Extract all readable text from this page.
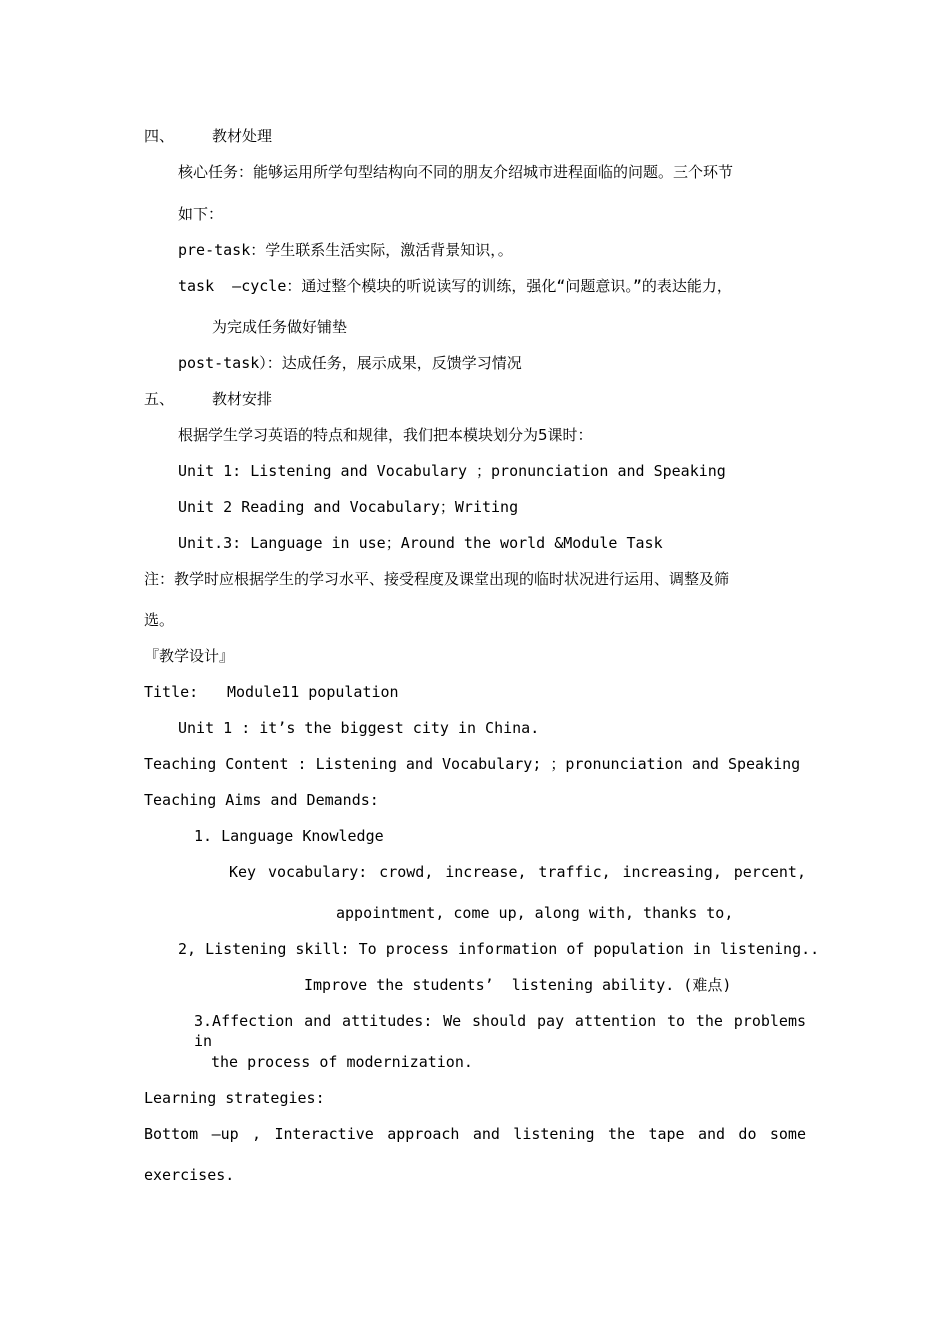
四、	教材处理
核心任务：能够运用所学句型结构向不同的朋友介绍城市进程面临的问题。三个环节
如下：
pre-task：学生联系生活实际，激活背景知识，。
task  –cycle：通过整个模块的听说读写的训练，强化“问题意识。”的表达能力，
为完成任务做好铺垫
post-task）：达成任务，展示成果，反馈学习情况
五、	教材安排
根据学生学习英语的特点和规律，我们把本模块划分为5课时：
Unit 1: Listening and Vocabulary ；pronunciation and Speaking
Unit 2 Reading and Vocabulary；Writing
Unit.3: Language in use；Around the world &Module Task
注：教学时应根据学生的学习水平、接受程度及课堂出现的临时状况进行运用、调整及筛
选。
『教学设计』
Title: Module11 population
Unit 1 : it’s the biggest city in China.
Teaching Content : Listening and Vocabulary; ；pronunciation and Speaking
Teaching Aims and Demands:
1. Language Knowledge
Key vocabulary: crowd, increase, traffic, increasing, percent,
appointment, come up, along with, thanks to,
2, Listening skill: To process information of population in listening..
Improve the students’  listening ability. (难点)
3.Affection and attitudes: We should pay attention to the problems in
the process of modernization.
Learning strategies:
Bottom –up , Interactive approach and listening the tape and do some
exercises.
